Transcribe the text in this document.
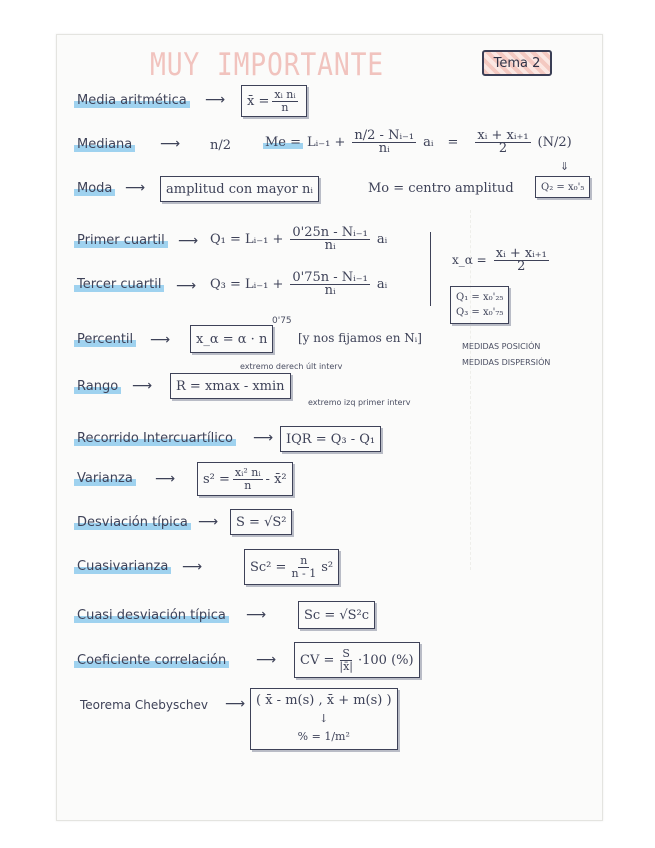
MUY IMPORTANTE	Tema 2
Media aritmética ⟶ x̄ = $\frac{\text{xᵢ nᵢ}}{n}$
Mediana ⟶ n/2	Me = Lᵢ₋₁ + $\frac{\text{n/2 - Nᵢ₋₁}}{\text{nᵢ}}$ aᵢ = $\frac{\text{xᵢ + xᵢ₊₁}}{2} (N/2)$
⇓
Moda ⟶	amplitud con mayor nᵢ	Mo = centro amplitud	Q₂ = x₀'₅
Primer cuartil ⟶ Q₁ = Lᵢ₋₁ + $\frac{\text{0'25n - Nᵢ₋₁}}{\text{nᵢ}}$ aᵢ
Tercer cuartil ⟶ Q₃ = Lᵢ₋₁ + $\frac{\text{0'75n - Nᵢ₋₁}}{\text{nᵢ}}$ aᵢ
x_α = $\frac{\text{xᵢ + xᵢ₊₁}}{2}$
Q₁ = x₀'₂₅
Q₃ = x₀'₇₅
Percentil ⟶	x_α = α · n
0'75
[y nos fijamos en Nᵢ]
MEDIDAS POSICIÓN
MEDIDAS DISPERSIÓN
extremo derech últ interv
Rango ⟶	R = xmax - xmin
extremo izq primer interv
Recorrido Intercuartílico ⟶ IQR = Q₃ - Q₁
Varianza ⟶ $s^2 = \frac{\text{xᵢ² nᵢ}}{n}$ - x̄²
Desviación típica ⟶	S = √S²
Cuasivarianza ⟶	$Sc^2 = \frac{n}{n - 1} s^2$
Cuasi desviación típica ⟶	Sc = √S²c
Coeficiente correlación ⟶ CV = $\frac{S}{|x̄|} \cdot 100$ (%)
Teorema Chebyschev ⟶ ( x̄ - m(s) , x̄ + m(s) )
↓
% = 1/m²
